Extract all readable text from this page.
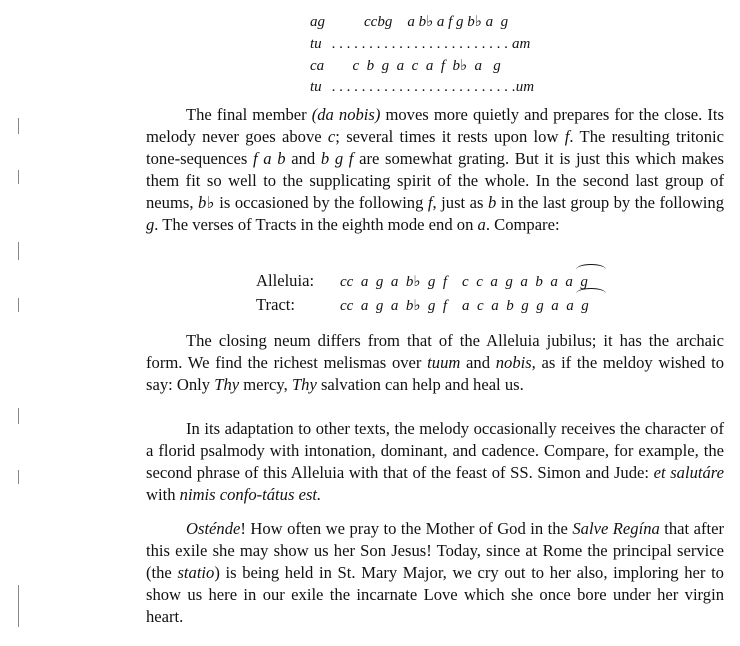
ag	ccbg    a b♭ a f g b♭ a  g
tu . . . . . . . . . . . . . . . . . . . . . . . . am
ca c  b  g  a  c  a  f  b♭  a   g
tu . . . . . . . . . . . . . . . . . . . . . . . . .um

The final member (da nobis) moves more quietly and prepares for the close. Its melody never goes above c; several times it rests upon low f. The resulting tritonic tone-sequences f a b and b g f are somewhat grating. But it is just this which makes them fit so well to the supplicating spirit of the whole. In the second last group of neums, b♭ is occasioned by the following f, just as b in the last group by the following g. The verses of Tracts in the eighth mode end on a. Compare:

Alleluia: cc  a  g  a  b♭  g  f    c  c  a  g  a  b  a  a  g
Tract:	cc  a  g  a  b♭  g  f    a  c  a  b  g  g  a  a  g

The closing neum differs from that of the Alleluia jubilus; it has the archaic form. We find the richest melismas over tuum and nobis, as if the meldoy wished to say: Only Thy mercy, Thy salvation can help and heal us.

In its adaptation to other texts, the melody occasionally receives the character of a florid psalmody with intonation, dominant, and cadence. Compare, for example, the second phrase of this Alleluia with that of the feast of SS. Simon and Jude: et salutáre with nimis confo-tátus est.

Osténde! How often we pray to the Mother of God in the Salve Regína that after this exile she may show us her Son Jesus! Today, since at Rome the principal service (the statio) is being held in St. Mary Major, we cry out to her also, imploring her to show us here in our exile the incarnate Love which she once bore under her virgin heart.
